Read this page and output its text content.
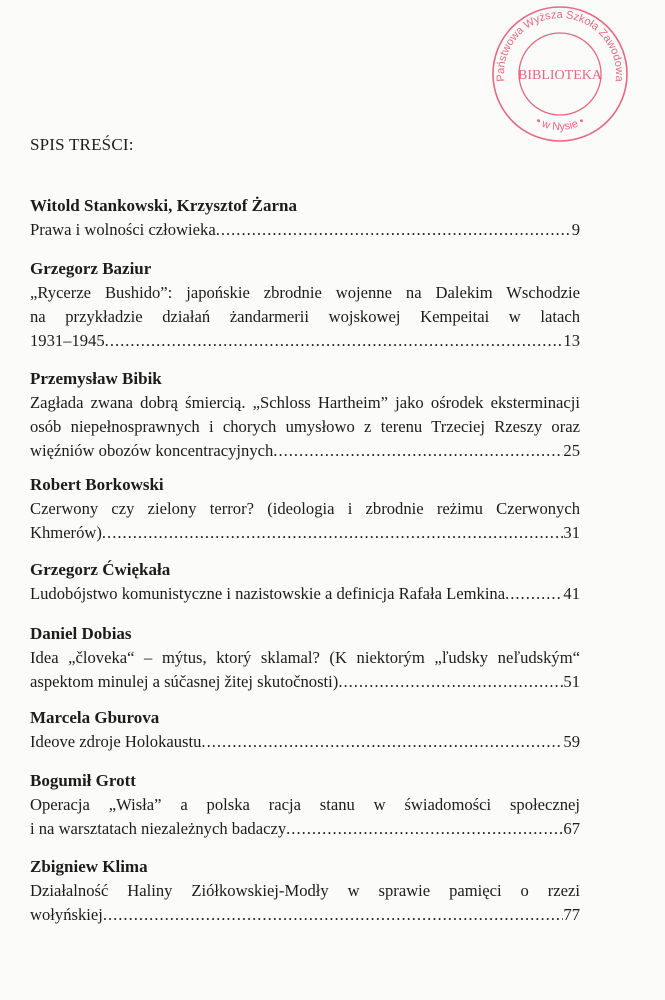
SPIS TREŚCI:
Witold Stankowski, Krzysztof Żarna
Prawa i wolności człowieka .....	9
Grzegorz Baziur
„Rycerze Bushido”: japońskie zbrodnie wojenne na Dalekim Wschodzie
na przykładzie działań żandarmerii wojskowej Kempeitai w latach
1931–1945 .....	13
Przemysław Bibik
Zagłada zwana dobrą śmiercią. „Schloss Hartheim” jako ośrodek eksterminacji
osób niepełnosprawnych i chorych umysłowo z terenu Trzeciej Rzeszy oraz
więźniów obozów koncentracyjnych .....	25
Robert Borkowski
Czerwony czy zielony terror? (ideologia i zbrodnie reżimu Czerwonych
Khmerów) .....	31
Grzegorz Ćwiękała
Ludobójstwo komunistyczne i nazistowskie a definicja Rafała Lemkina .....	41
Daniel Dobias
Idea „človeka“ – mýtus, ktorý sklamal? (K niektorým „ľudsky neľudským“
aspektom minulej a súčasnej žitej skutočnosti) .....	51
Marcela Gburova
Ideove zdroje Holokaustu .....	59
Bogumił Grott
Operacja „Wisła” a polska racja stanu w świadomości społecznej
i na warsztatach niezależnych badaczy .....	67
Zbigniew Klima
Działalność Haliny Ziółkowskiej-Modły w sprawie pamięci o rzezi
wołyńskiej .....	77
Państwowa Wyższa Szkoła Zawodowa
• w Nysie •
BIBLIOTEKA
